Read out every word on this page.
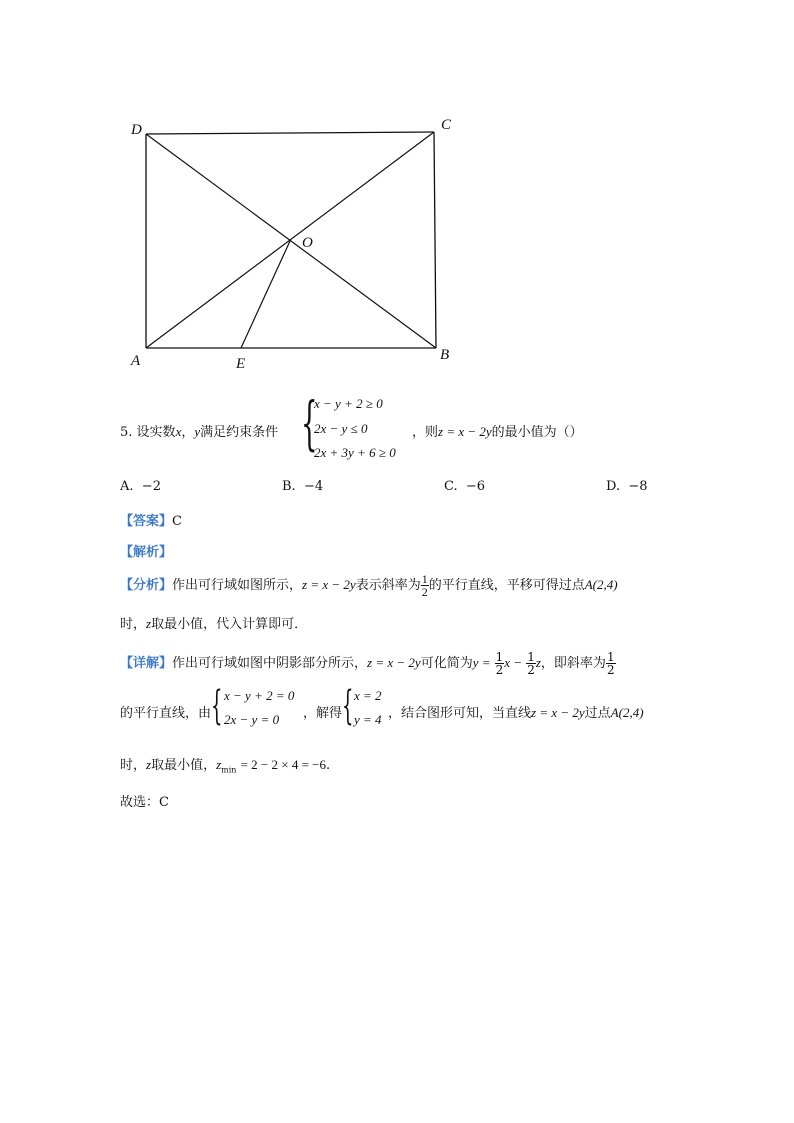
D	C
O
A	E
B
5. 设实数x，y满足约束条件 {
x − y + 2 ≥ 0
2x − y ≤ 0
2x + 3y + 6 ≥ 0
，则z = x − 2y的最小值为（）
A. −2	B. −4	C. −6	D. −8
【答案】C
【解析】
【分析】作出可行域如图所示，z = x − 2y表示斜率为 $\frac{1}{2}$ 的平行直线，平移可得过点A(2,4)
时，z取最小值，代入计算即可．
【详解】作出可行域如图中阴影部分所示，z = x − 2y可化简为$y = \frac{1}{2}$ $x - \frac{1}{2}$ z，即斜率为 $\frac{1}{2}$
的平行直线，由 { x − y + 2 = 0
2x − y = 0 ，解得 { x = 2
y = 4 ，结合图形可知，当直线z = x − 2y过点A(2,4)
时，z取最小值，$z_{min} = 2 - 2 \times 4 = -6$.
故选：C
